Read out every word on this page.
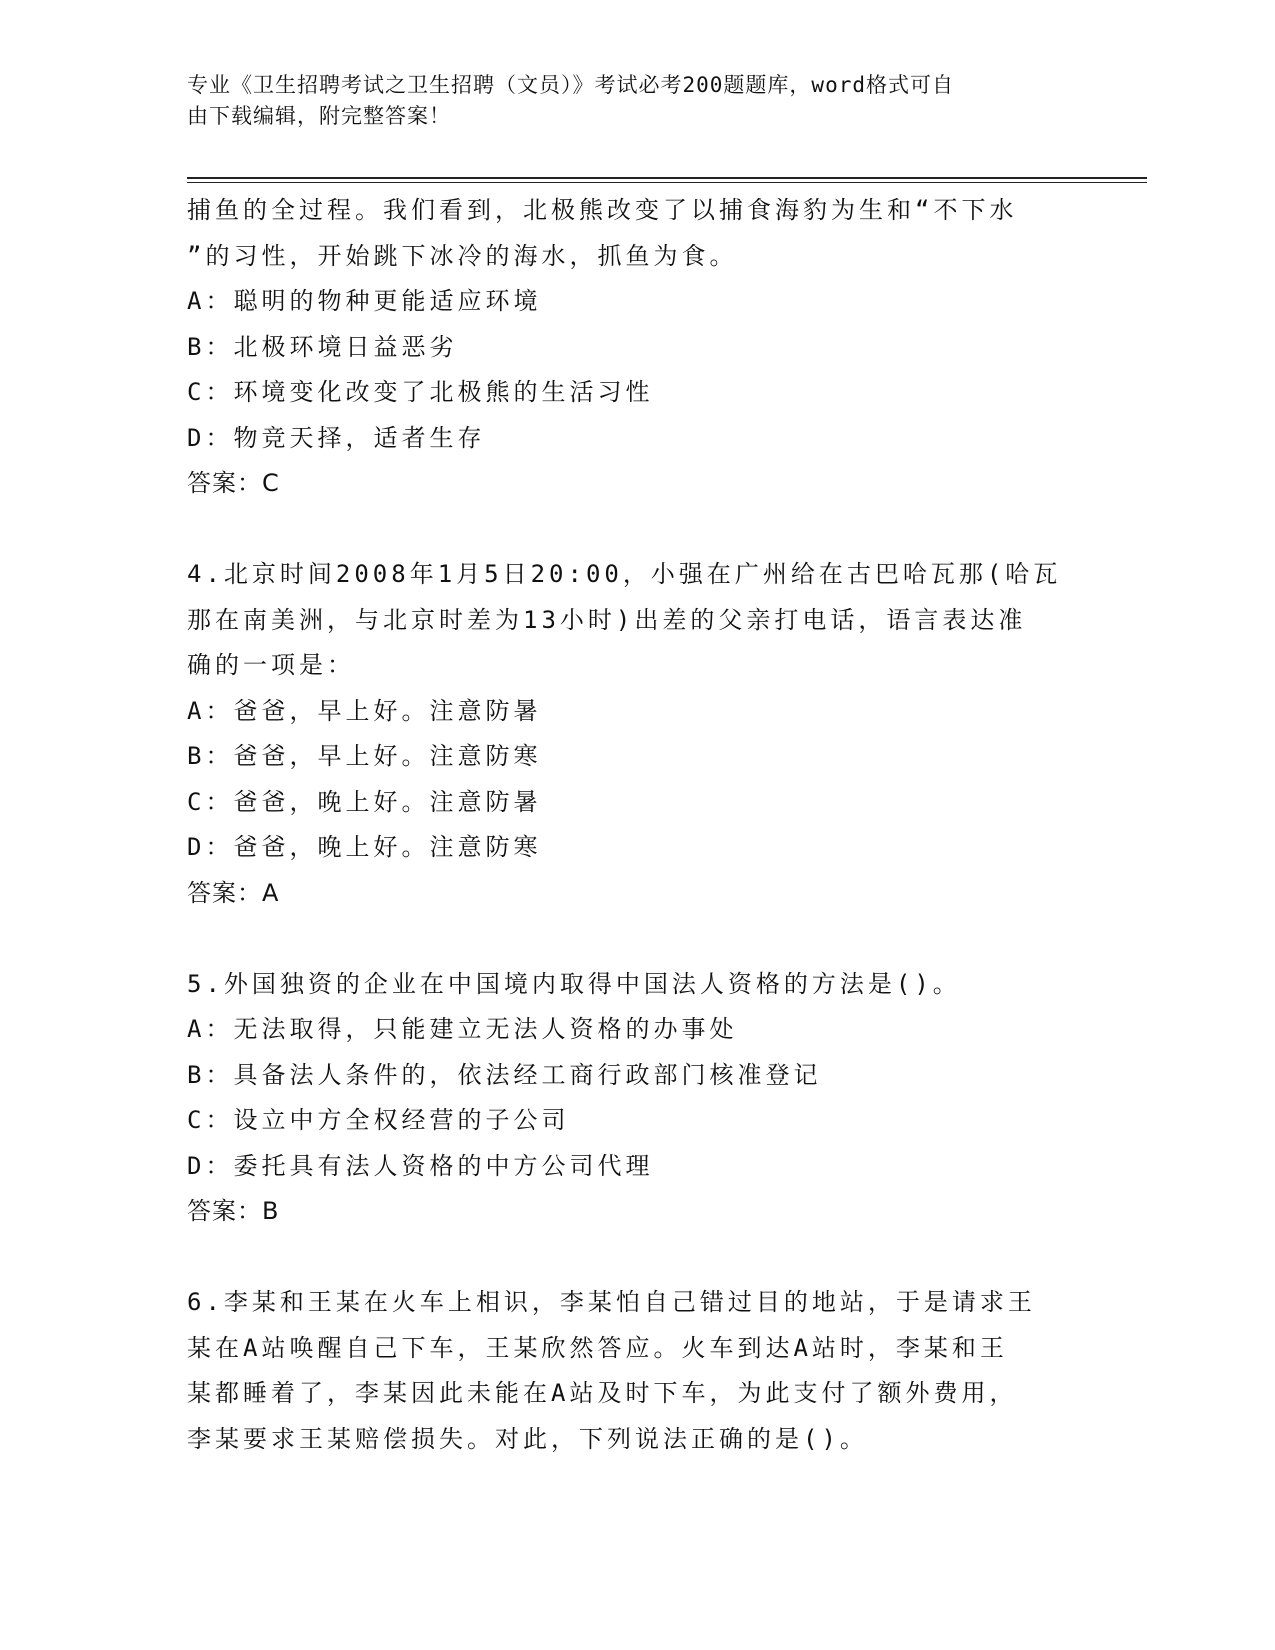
专业《卫生招聘考试之卫生招聘（文员）》考试必考200题题库，word格式可自
由下载编辑，附完整答案！
捕鱼的全过程。我们看到，北极熊改变了以捕食海豹为生和“不下水
”的习性，开始跳下冰冷的海水，抓鱼为食。
A：聪明的物种更能适应环境
B：北极环境日益恶劣
C：环境变化改变了北极熊的生活习性
D：物竞天择，适者生存
答案：C
4.北京时间2008年1月5日20:00，小强在广州给在古巴哈瓦那(哈瓦
那在南美洲，与北京时差为13小时)出差的父亲打电话，语言表达准
确的一项是：
A：爸爸，早上好。注意防暑
B：爸爸，早上好。注意防寒
C：爸爸，晚上好。注意防暑
D：爸爸，晚上好。注意防寒
答案：A
5.外国独资的企业在中国境内取得中国法人资格的方法是()。
A：无法取得，只能建立无法人资格的办事处
B：具备法人条件的，依法经工商行政部门核准登记
C：设立中方全权经营的子公司
D：委托具有法人资格的中方公司代理
答案：B
6.李某和王某在火车上相识，李某怕自己错过目的地站，于是请求王
某在A站唤醒自己下车，王某欣然答应。火车到达A站时，李某和王
某都睡着了，李某因此未能在A站及时下车，为此支付了额外费用，
李某要求王某赔偿损失。对此，下列说法正确的是()。
